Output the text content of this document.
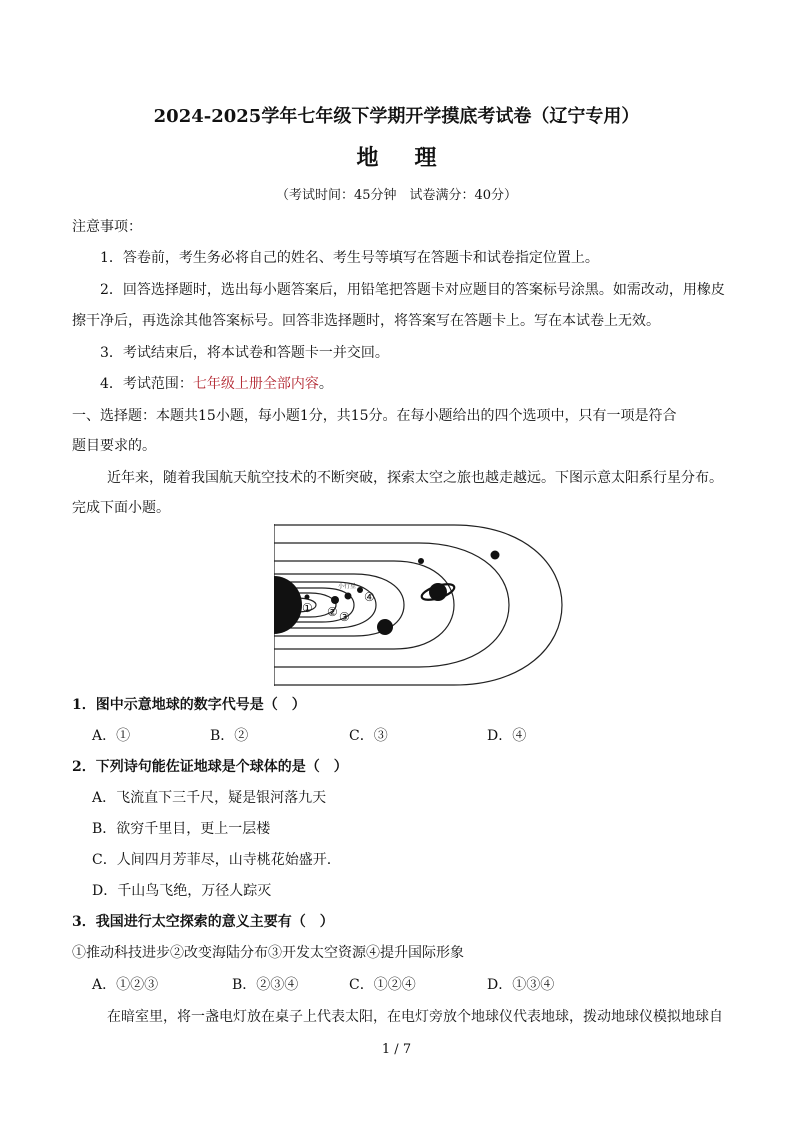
2024-2025学年七年级下学期开学摸底考试卷（辽宁专用）
地理
（考试时间：45分钟　试卷满分：40分）
注意事项：
1．答卷前，考生务必将自己的姓名、考生号等填写在答题卡和试卷指定位置上。
2．回答选择题时，选出每小题答案后，用铅笔把答题卡对应题目的答案标号涂黑。如需改动，用橡皮
擦干净后，再选涂其他答案标号。回答非选择题时，将答案写在答题卡上。写在本试卷上无效。
3．考试结束后，将本试卷和答题卡一并交回。
4．考试范围：七年级上册全部内容。
一、选择题：本题共15小题，每小题1分，共15分。在每小题给出的四个选项中，只有一项是符合
题目要求的。
近年来，随着我国航天航空技术的不断突破，探索太空之旅也越走越远。下图示意太阳系行星分布。
完成下面小题。
① ② ③
④
小行星
1．图中示意地球的数字代号是（　）
A．①	B．②	C．③	D．④
2．下列诗句能佐证地球是个球体的是（　）
A．飞流直下三千尺，疑是银河落九天
B．欲穷千里目，更上一层楼
C．人间四月芳菲尽，山寺桃花始盛开.
D．千山鸟飞绝，万径人踪灭
3．我国进行太空探索的意义主要有（　）
①推动科技进步②改变海陆分布③开发太空资源④提升国际形象
A．①②③	B．②③④	C．①②④	D．①③④
在暗室里，将一盏电灯放在桌子上代表太阳，在电灯旁放个地球仪代表地球，拨动地球仪模拟地球自
1 / 7
